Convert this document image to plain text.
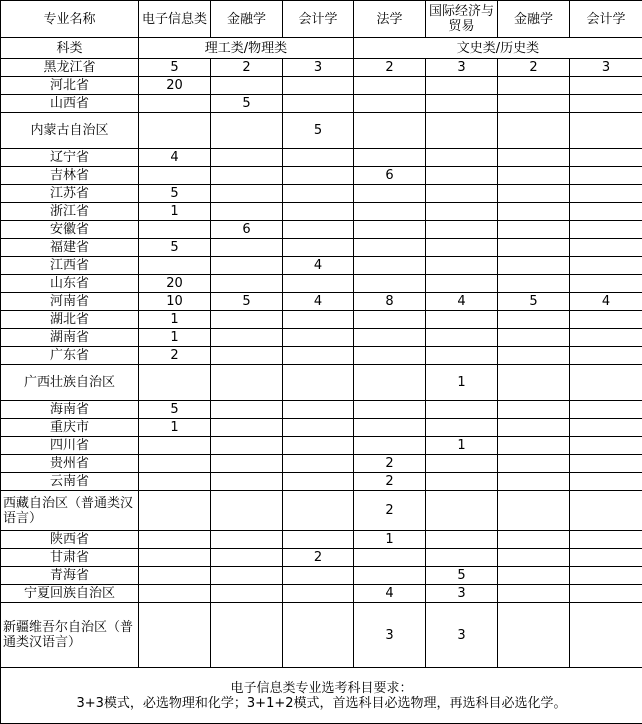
专业名称	电子信息类	金融学	会计学	法学	国际经济与贸易	金融学	会计学
科类	理工类/物理类			文史类/历史类			
黑龙江省	5	2	3	2	3	2	3
河北省	20						
山西省		5					
内蒙古自治区			5				
辽宁省	4						
吉林省				6			
江苏省	5						
浙江省	1						
安徽省		6					
福建省	5						
江西省			4				
山东省	20						
河南省	10	5	4	8	4	5	4
湖北省	1						
湖南省	1						
广东省	2						
广西壮族自治区					1		
海南省	5						
重庆市	1						
四川省					1		
贵州省				2			
云南省				2			
西藏自治区（普通类汉语言）				2			
陕西省				1			
甘肃省			2				
青海省					5		
宁夏回族自治区				4	3		
新疆维吾尔自治区（普通类汉语言）				3	3		

电子信息类专业选考科目要求：
3+3模式，必选物理和化学；3+1+2模式，首选科目必选物理，再选科目必选化学。							
